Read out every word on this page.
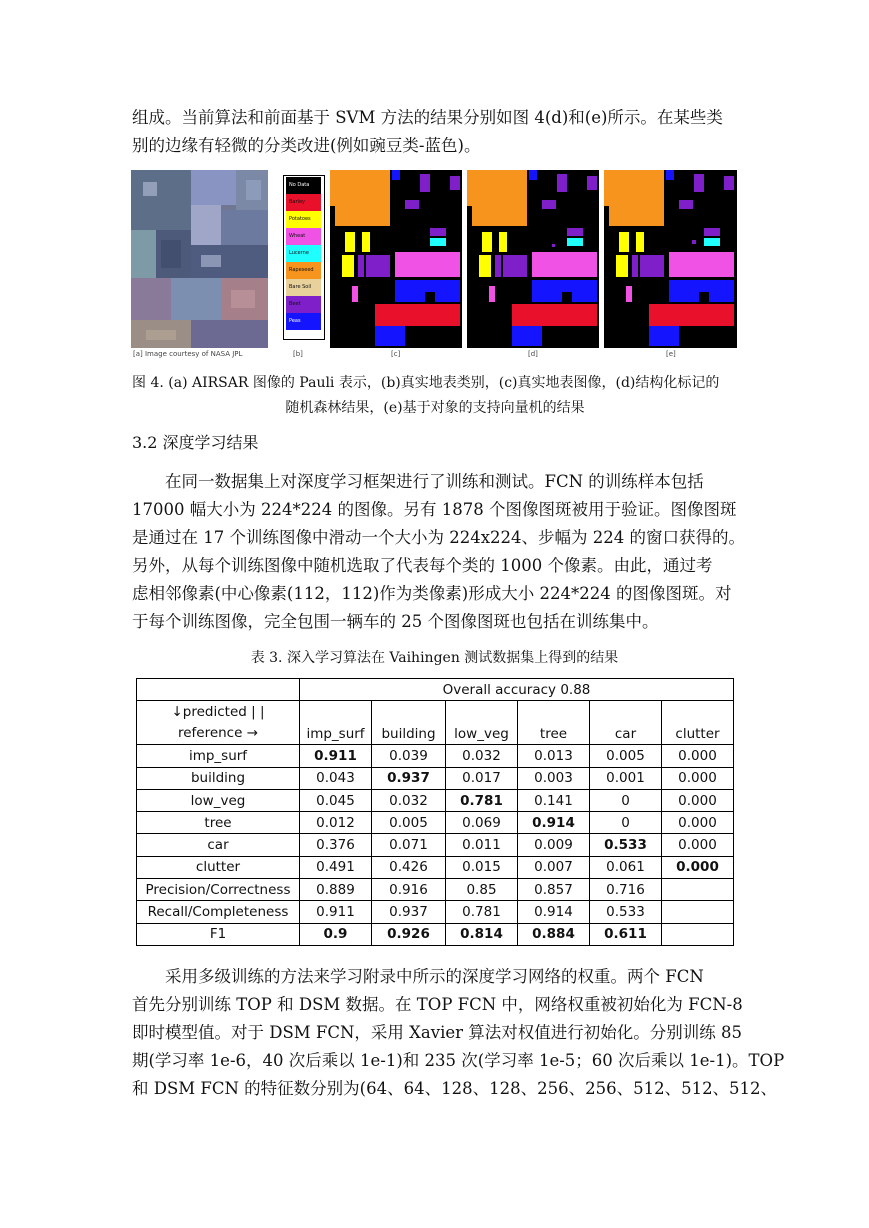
组成。当前算法和前面基于 SVM 方法的结果分别如图 4(d)和(e)所示。在某些类
别的边缘有轻微的分类改进(例如豌豆类-蓝色)。

No Data
Barley
Potatoes
Wheat
Lucerne
Rapeseed
Bare Soil
Beet
Peas
[a] Image courtesy of NASA JPL	[b]	[c]	[d]	[e]
图 4. (a) AIRSAR 图像的 Pauli 表示，(b)真实地表类别，(c)真实地表图像，(d)结构化标记的
随机森林结果，(e)基于对象的支持向量机的结果
3.2 深度学习结果

在同一数据集上对深度学习框架进行了训练和测试。FCN 的训练样本包括
17000 幅大小为 224*224 的图像。另有 1878 个图像图斑被用于验证。图像图斑
是通过在 17 个训练图像中滑动一个大小为 224x224、步幅为 224 的窗口获得的。
另外，从每个训练图像中随机选取了代表每个类的 1000 个像素。由此，通过考
虑相邻像素(中心像素(112，112)作为类像素)形成大小 224*224 的图像图斑。对
于每个训练图像，完全包围一辆车的 25 个图像图斑也包括在训练集中。

表 3. 深入学习算法在 Vaihingen 测试数据集上得到的结果
	Overall accuracy 0.88					

↓predicted | |
reference →	imp_surf	building	low_veg	tree	car	clutter
imp_surf	0.911	0.039	0.032	0.013	0.005	0.000
building	0.043	0.937	0.017	0.003	0.001	0.000
low_veg	0.045	0.032	0.781	0.141	0	0.000
tree	0.012	0.005	0.069	0.914	0	0.000
car	0.376	0.071	0.011	0.009	0.533	0.000
clutter	0.491	0.426	0.015	0.007	0.061	0.000
Precision/Correctness	0.889	0.916	0.85	0.857	0.716	
Recall/Completeness	0.911	0.937	0.781	0.914	0.533	
F1	0.9	0.926	0.814	0.884	0.611	

采用多级训练的方法来学习附录中所示的深度学习网络的权重。两个 FCN
首先分别训练 TOP 和 DSM 数据。在 TOP FCN 中，网络权重被初始化为 FCN-8
即时模型值。对于 DSM FCN，采用 Xavier 算法对权值进行初始化。分别训练 85
期(学习率 1e-6，40 次后乘以 1e-1)和 235 次(学习率 1e-5；60 次后乘以 1e-1)。TOP
和 DSM FCN 的特征数分别为(64、64、128、128、256、256、512、512、512、
